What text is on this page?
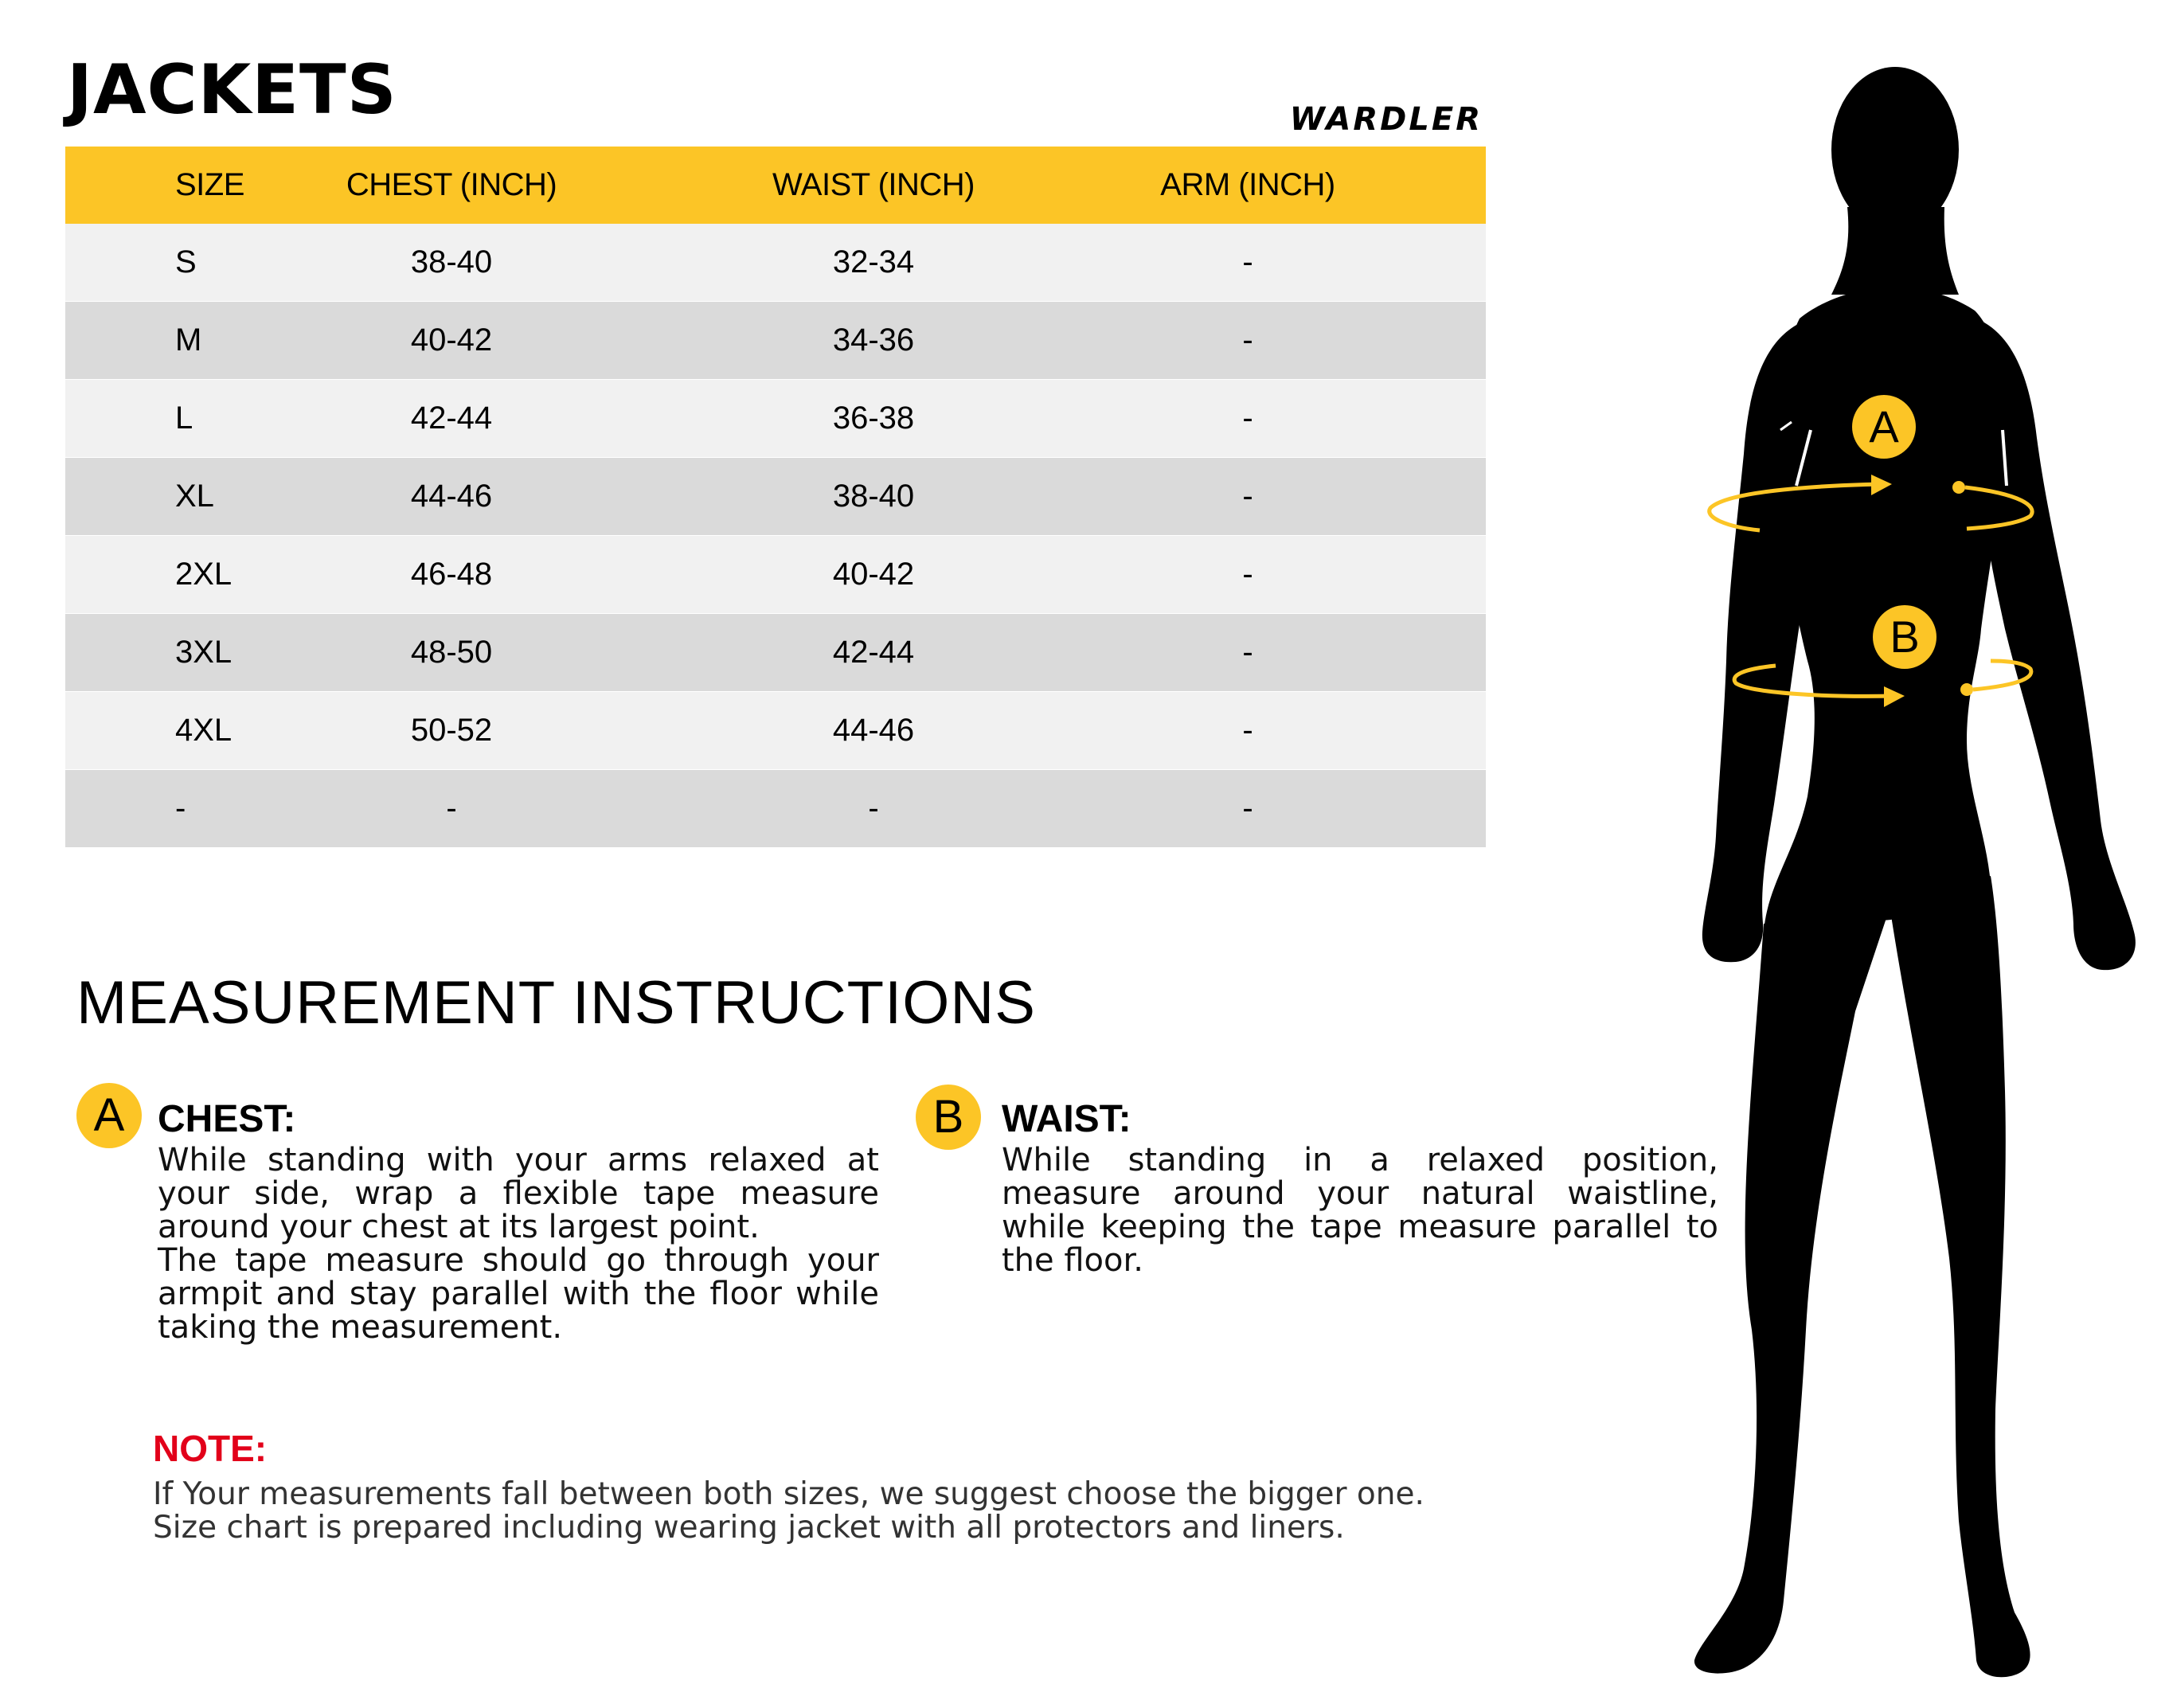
JACKETS	WARDLER
SIZE	CHEST (INCH)	WAIST (INCH)	ARM (INCH)	
S	38-40	32-34	-	
M	40-42	34-36	-	
L	42-44	36-38	-	
XL	44-46	38-40	-	
2XL	46-48	40-42	-	
3XL	48-50	42-44	-	
4XL	50-52	44-46	-	
-	-	-	-	
MEASUREMENT INSTRUCTIONS
A CHEST:

While standing with your arms relaxed at your side, wrap a flexible tape measure around your chest at its largest point.

The tape measure should go through your armpit and stay parallel with the floor while taking the measurement.

B WAIST:

While standing in a relaxed position, measure around your natural waistline, while keeping the tape measure parallel to the floor.

NOTE:
If Your measurements fall between both sizes, we suggest choose the bigger one.
Size chart is prepared including wearing jacket with all protectors and liners.
A
B
